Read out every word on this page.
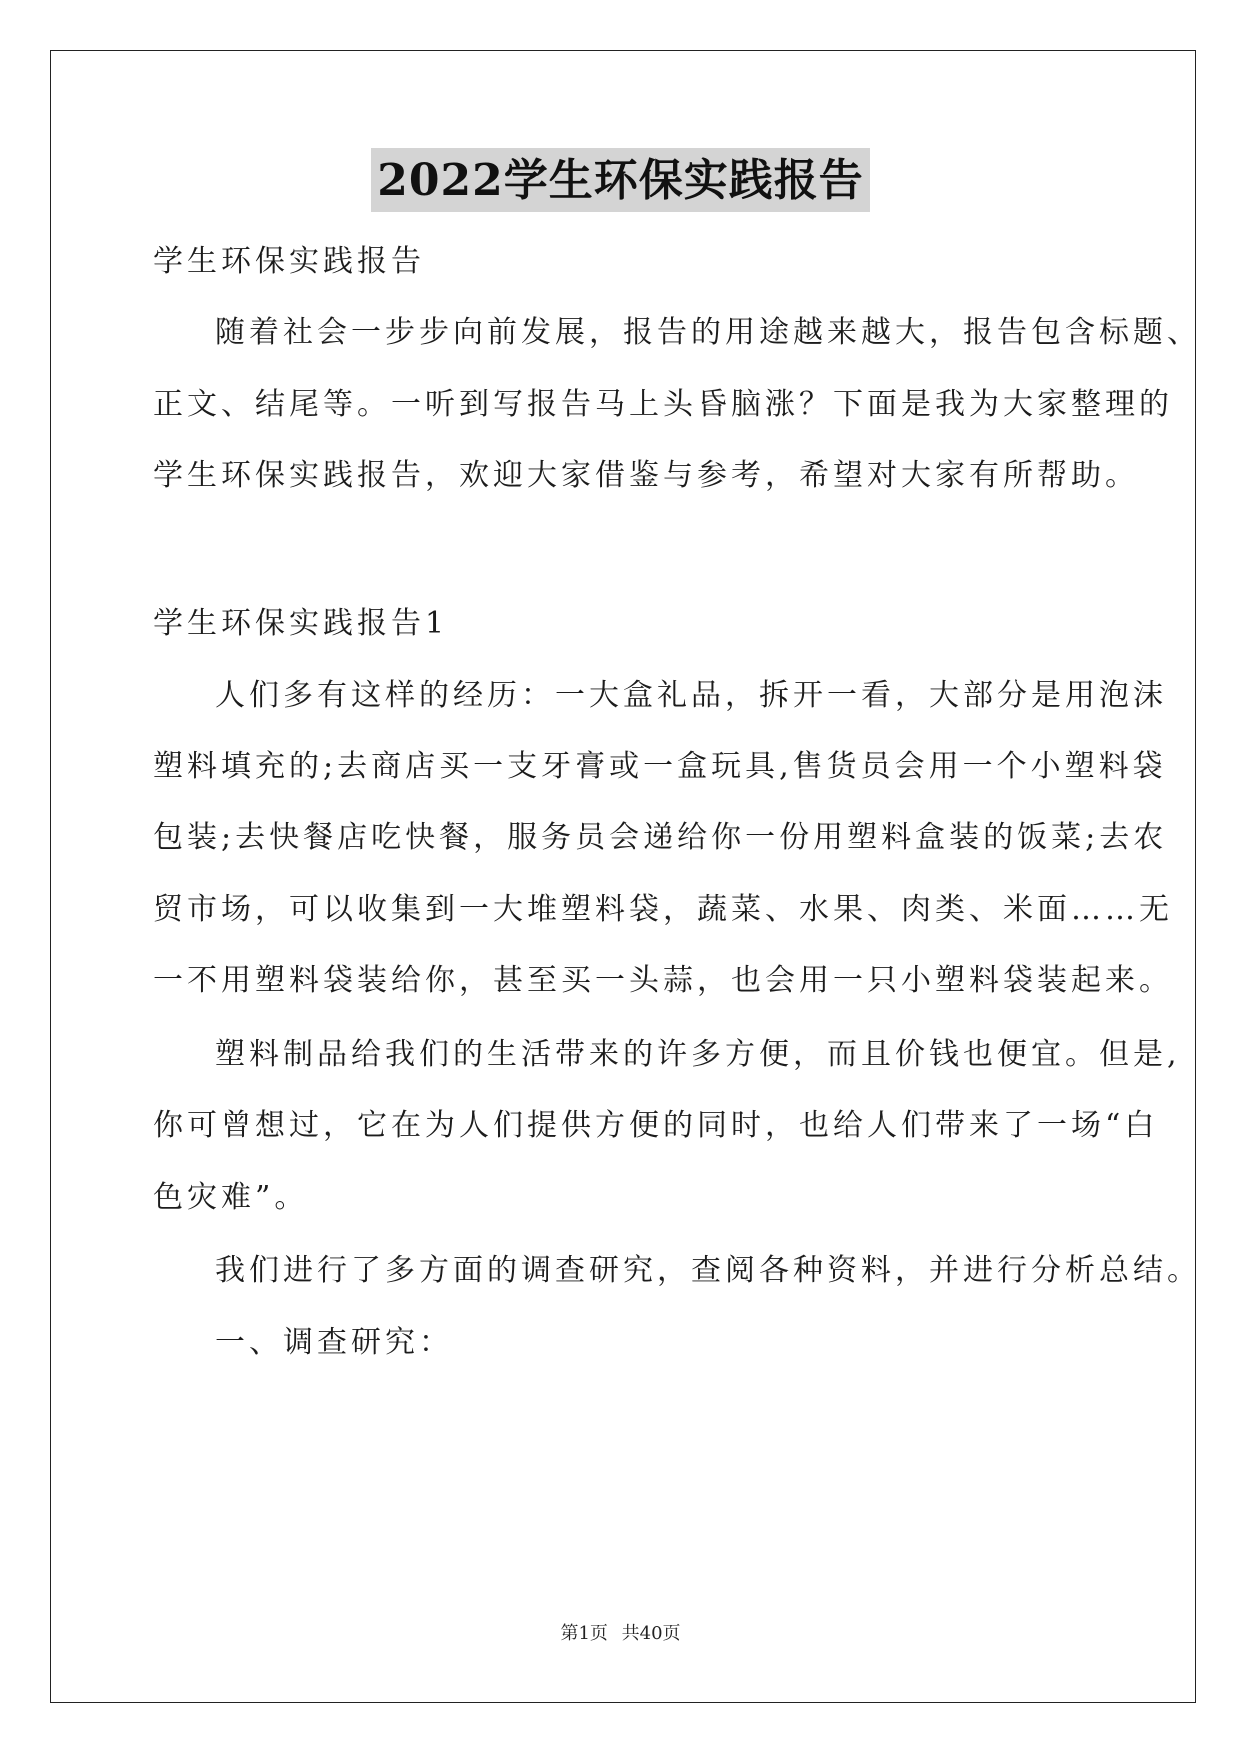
2022学生环保实践报告
学生环保实践报告
随着社会一步步向前发展，报告的用途越来越大，报告包含标题、
正文、结尾等。一听到写报告马上头昏脑涨？下面是我为大家整理的
学生环保实践报告，欢迎大家借鉴与参考，希望对大家有所帮助。
学生环保实践报告1
人们多有这样的经历：一大盒礼品，拆开一看，大部分是用泡沫
塑料填充的;去商店买一支牙膏或一盒玩具,售货员会用一个小塑料袋
包装;去快餐店吃快餐，服务员会递给你一份用塑料盒装的饭菜;去农
贸市场，可以收集到一大堆塑料袋，蔬菜、水果、肉类、米面……无
一不用塑料袋装给你，甚至买一头蒜，也会用一只小塑料袋装起来。
塑料制品给我们的生活带来的许多方便，而且价钱也便宜。但是,
你可曾想过，它在为人们提供方便的同时，也给人们带来了一场“白
色灾难”。
我们进行了多方面的调查研究，查阅各种资料，并进行分析总结。
一、调查研究：
第1页 共40页
